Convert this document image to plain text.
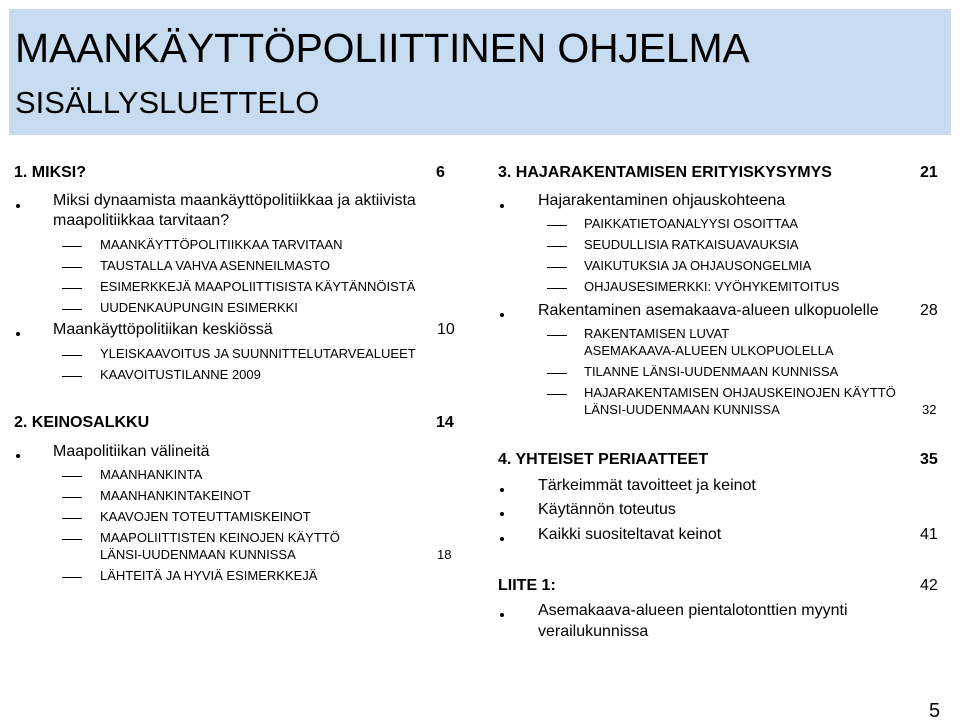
MAANKÄYTTÖPOLIITTINEN OHJELMA
SISÄLLYSLUETTELO
1. MIKSI?	6
Miksi dynaamista maankäyttöpolitiikkaa ja aktiivista
maapolitiikkaa tarvitaan?
MAANKÄYTTÖPOLITIIKKAA TARVITAAN
TAUSTALLA VAHVA ASENNEILMASTO
ESIMERKKEJÄ MAAPOLIITTISISTA KÄYTÄNNÖISTÄ
UUDENKAUPUNGIN ESIMERKKI
Maankäyttöpolitiikan keskiössä	10
YLEISKAAVOITUS JA SUUNNITTELUTARVEALUEET
KAAVOITUSTILANNE 2009
2. KEINOSALKKU	14
Maapolitiikan välineitä
MAANHANKINTA
MAANHANKINTAKEINOT
KAAVOJEN TOTEUTTAMISKEINOT
MAAPOLIITTISTEN KEINOJEN KÄYTTÖ
LÄNSI-UUDENMAAN KUNNISSA	18
LÄHTEITÄ JA HYVIÄ ESIMERKKEJÄ
3. HAJARAKENTAMISEN ERITYISKYSYMYS	21
Hajarakentaminen ohjauskohteena
PAIKKATIETOANALYYSI OSOITTAA
SEUDULLISIA RATKAISUAVAUKSIA
VAIKUTUKSIA JA OHJAUSONGELMIA
OHJAUSESIMERKKI: VYÖHYKEMITOITUS
Rakentaminen asemakaava-alueen ulkopuolelle	28
RAKENTAMISEN LUVAT
ASEMAKAAVA-ALUEEN ULKOPUOLELLA
TILANNE LÄNSI-UUDENMAAN KUNNISSA
HAJARAKENTAMISEN OHJAUSKEINOJEN KÄYTTÖ
LÄNSI-UUDENMAAN KUNNISSA	32
4. YHTEISET PERIAATTEET	35
Tärkeimmät tavoitteet ja keinot
Käytännön toteutus
Kaikki suositeltavat keinot	41
LIITE 1:	42
Asemakaava-alueen pientalotonttien myynti
verailukunnissa
5
